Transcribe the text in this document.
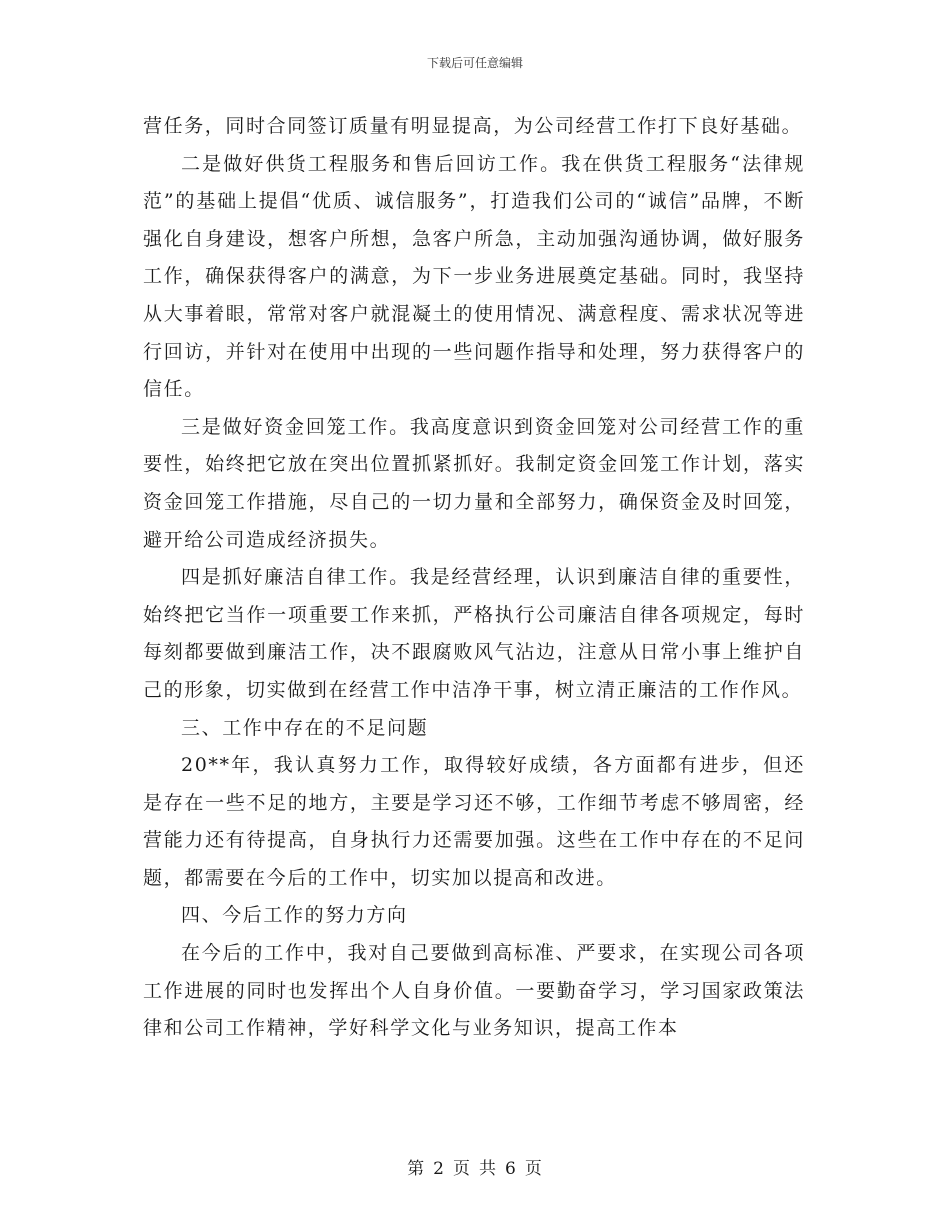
下载后可任意编辑

营任务，同时合同签订质量有明显提高，为公司经营工作打下良好基础。

二是做好供货工程服务和售后回访工作。我在供货工程服务“法律规范”的基础上提倡“优质、诚信服务”，打造我们公司的“诚信”品牌，不断强化自身建设，想客户所想，急客户所急，主动加强沟通协调，做好服务工作，确保获得客户的满意，为下一步业务进展奠定基础。同时，我坚持从大事着眼，常常对客户就混凝土的使用情况、满意程度、需求状况等进行回访，并针对在使用中出现的一些问题作指导和处理，努力获得客户的信任。

三是做好资金回笼工作。我高度意识到资金回笼对公司经营工作的重要性，始终把它放在突出位置抓紧抓好。我制定资金回笼工作计划，落实资金回笼工作措施，尽自己的一切力量和全部努力，确保资金及时回笼，避开给公司造成经济损失。

四是抓好廉洁自律工作。我是经营经理，认识到廉洁自律的重要性，始终把它当作一项重要工作来抓，严格执行公司廉洁自律各项规定，每时每刻都要做到廉洁工作，决不跟腐败风气沾边，注意从日常小事上维护自己的形象，切实做到在经营工作中洁净干事，树立清正廉洁的工作作风。

三、工作中存在的不足问题

20**年，我认真努力工作，取得较好成绩，各方面都有进步，但还是存在一些不足的地方，主要是学习还不够，工作细节考虑不够周密，经营能力还有待提高，自身执行力还需要加强。这些在工作中存在的不足问题，都需要在今后的工作中，切实加以提高和改进。

四、今后工作的努力方向

在今后的工作中，我对自己要做到高标准、严要求，在实现公司各项工作进展的同时也发挥出个人自身价值。一要勤奋学习，学习国家政策法律和公司工作精神，学好科学文化与业务知识，提高工作本

第 2 页 共 6 页
